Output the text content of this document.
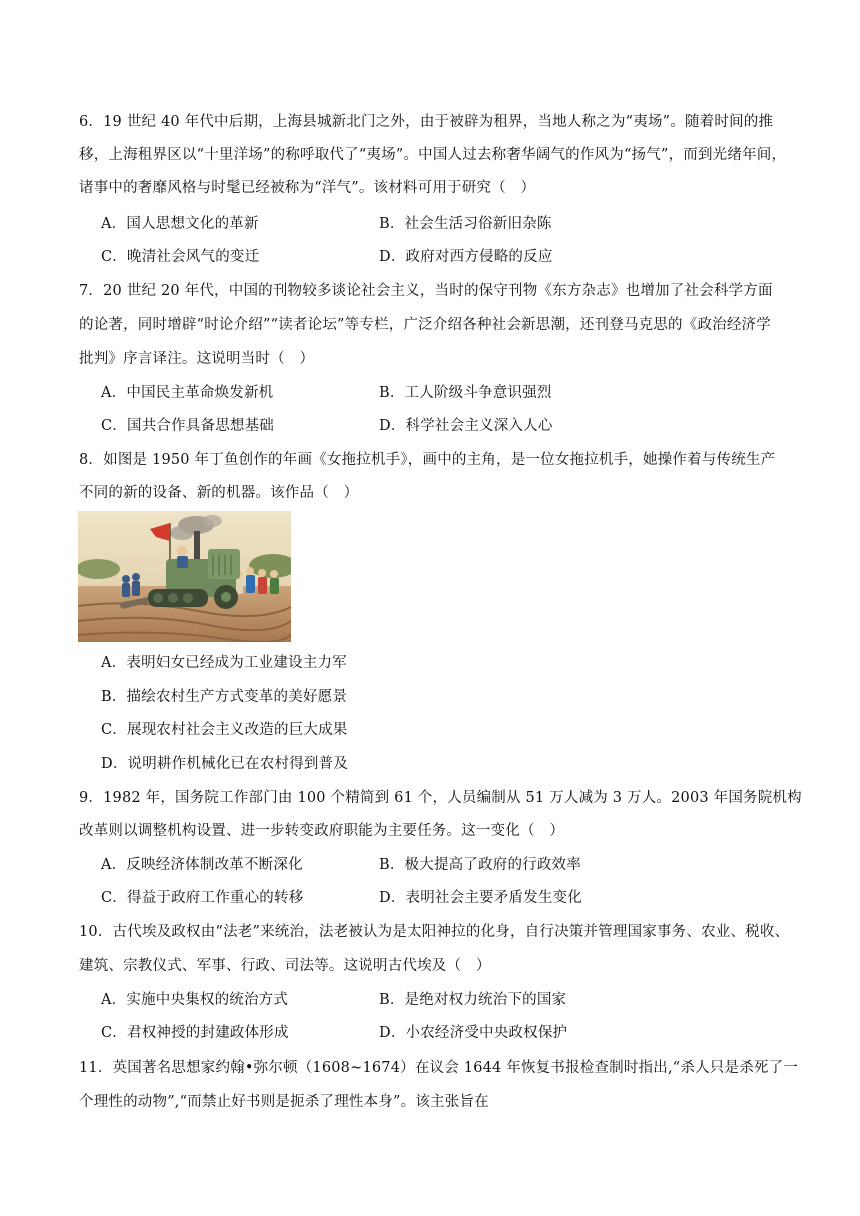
6．19 世纪 40 年代中后期，上海县城新北门之外，由于被辟为租界，当地人称之为“夷场”。随着时间的推
移，上海租界区以“十里洋场”的称呼取代了“夷场”。中国人过去称奢华阔气的作风为“扬气”，而到光绪年间，
诸事中的奢靡风格与时髦已经被称为“洋气”。该材料可用于研究（　）
A．国人思想文化的革新	B．社会生活习俗新旧杂陈
C．晚清社会风气的变迁	D．政府对西方侵略的反应
7．20 世纪 20 年代，中国的刊物较多谈论社会主义，当时的保守刊物《东方杂志》也增加了社会科学方面
的论著，同时增辟“时论介绍”“读者论坛”等专栏，广泛介绍各种社会新思潮，还刊登马克思的《政治经济学
批判》序言译注。这说明当时（　）
A．中国民主革命焕发新机	B．工人阶级斗争意识强烈
C．国共合作具备思想基础	D．科学社会主义深入人心
8．如图是 1950 年丁鱼创作的年画《女拖拉机手》，画中的主角，是一位女拖拉机手，她操作着与传统生产
不同的新的设备、新的机器。该作品（　）
A．表明妇女已经成为工业建设主力军
B．描绘农村生产方式变革的美好愿景
C．展现农村社会主义改造的巨大成果
D．说明耕作机械化已在农村得到普及
9．1982 年，国务院工作部门由 100 个精简到 61 个，人员编制从 51 万人减为 3 万人。2003 年国务院机构
改革则以调整机构设置、进一步转变政府职能为主要任务。这一变化（　）
A．反映经济体制改革不断深化	B．极大提高了政府的行政效率
C．得益于政府工作重心的转移	D．表明社会主要矛盾发生变化
10．古代埃及政权由“法老”来统治，法老被认为是太阳神拉的化身，自行决策并管理国家事务、农业、税收、
建筑、宗教仪式、军事、行政、司法等。这说明古代埃及（　）
A．实施中央集权的统治方式	B．是绝对权力统治下的国家
C．君权神授的封建政体形成	D．小农经济受中央政权保护
11．英国著名思想家约翰•弥尔顿（1608~1674）在议会 1644 年恢复书报检查制时指出,“杀人只是杀死了一
个理性的动物”,“而禁止好书则是扼杀了理性本身”。该主张旨在
